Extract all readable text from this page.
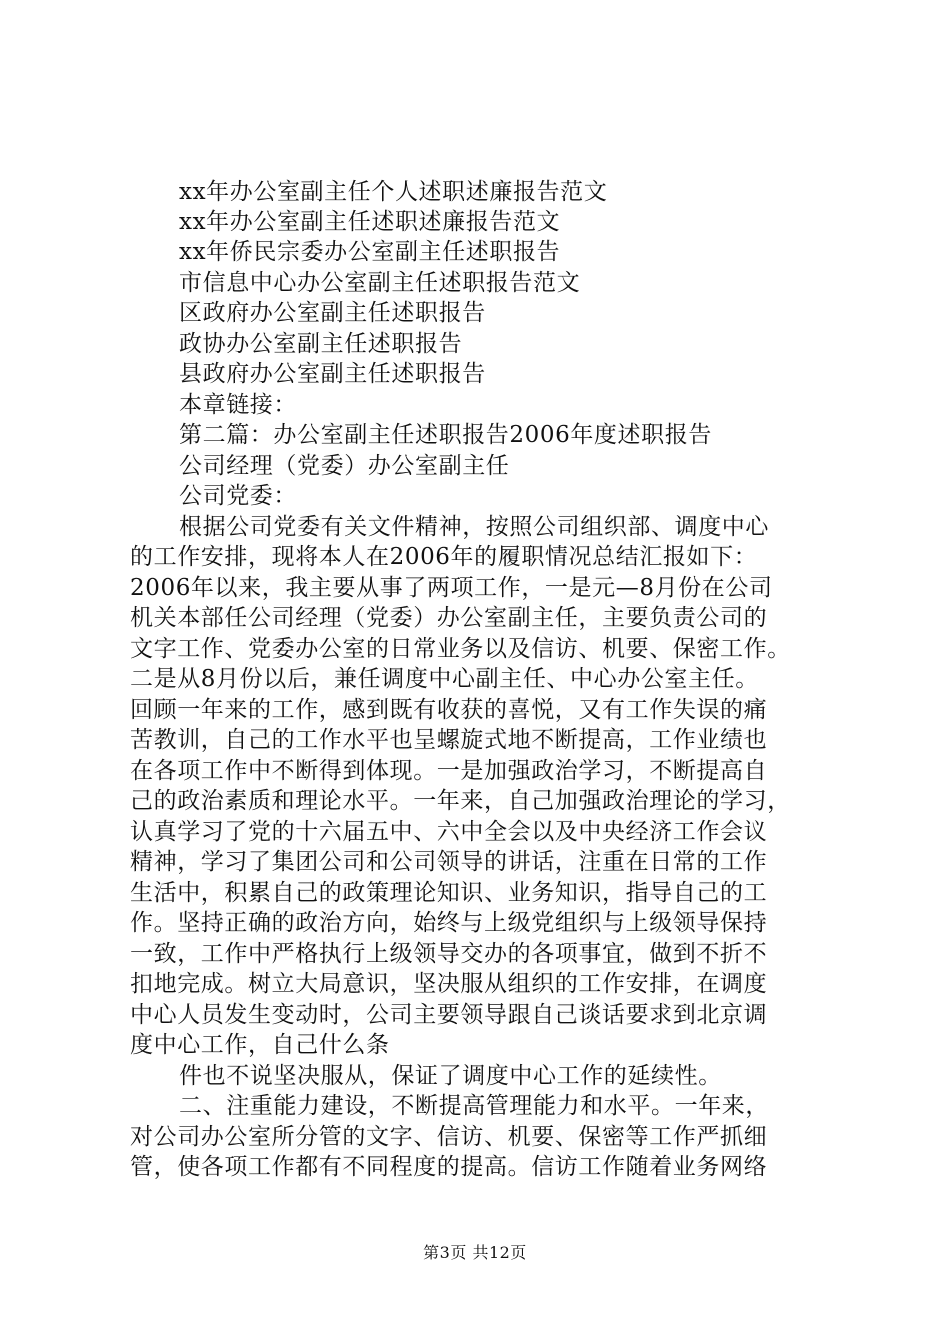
xx年办公室副主任个人述职述廉报告范文
xx年办公室副主任述职述廉报告范文
xx年侨民宗委办公室副主任述职报告
市信息中心办公室副主任述职报告范文
区政府办公室副主任述职报告
政协办公室副主任述职报告
县政府办公室副主任述职报告
本章链接：
第二篇：办公室副主任述职报告2006年度述职报告
公司经理（党委）办公室副主任
公司党委：
根据公司党委有关文件精神，按照公司组织部、调度中心
的工作安排，现将本人在2006年的履职情况总结汇报如下：
2006年以来，我主要从事了两项工作，一是元—8月份在公司
机关本部任公司经理（党委）办公室副主任，主要负责公司的
文字工作、党委办公室的日常业务以及信访、机要、保密工作。
二是从8月份以后，兼任调度中心副主任、中心办公室主任。
回顾一年来的工作，感到既有收获的喜悦，又有工作失误的痛
苦教训，自己的工作水平也呈螺旋式地不断提高，工作业绩也
在各项工作中不断得到体现。一是加强政治学习，不断提高自
己的政治素质和理论水平。一年来，自己加强政治理论的学习，
认真学习了党的十六届五中、六中全会以及中央经济工作会议
精神，学习了集团公司和公司领导的讲话，注重在日常的工作
生活中，积累自己的政策理论知识、业务知识，指导自己的工
作。坚持正确的政治方向，始终与上级党组织与上级领导保持
一致，工作中严格执行上级领导交办的各项事宜，做到不折不
扣地完成。树立大局意识，坚决服从组织的工作安排，在调度
中心人员发生变动时，公司主要领导跟自己谈话要求到北京调
度中心工作，自己什么条
件也不说坚决服从，保证了调度中心工作的延续性。
二、注重能力建设，不断提高管理能力和水平。一年来，
对公司办公室所分管的文字、信访、机要、保密等工作严抓细
管，使各项工作都有不同程度的提高。信访工作随着业务网络
第3页 共12页
